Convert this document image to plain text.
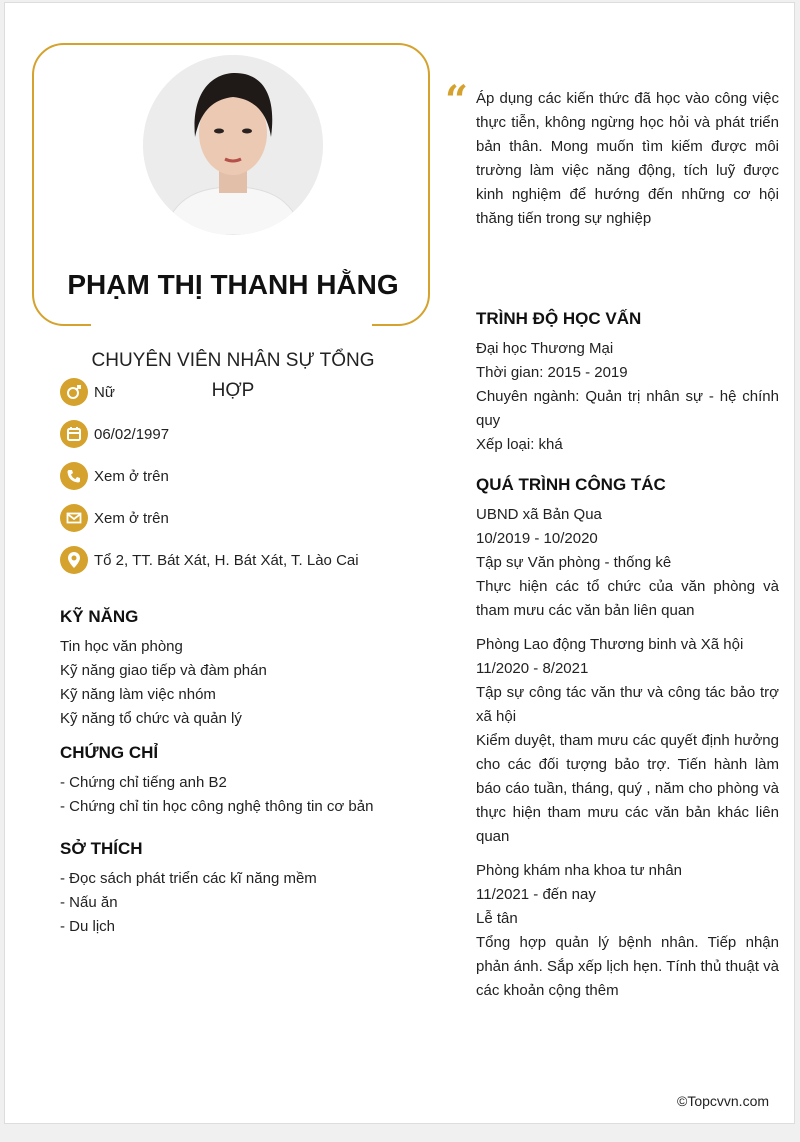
PHẠM THỊ THANH HẰNG
CHUYÊN VIÊN NHÂN SỰ TỔNG HỢP
Nữ
06/02/1997
Xem ở trên
Xem ở trên
Tổ 2, TT. Bát Xát, H. Bát Xát, T. Lào Cai
KỸ NĂNG
Tin học văn phòng
Kỹ năng giao tiếp và đàm phán
Kỹ năng làm việc nhóm
Kỹ năng tổ chức và quản lý
CHỨNG CHỈ
- Chứng chỉ tiếng anh B2
- Chứng chỉ tin học công nghệ thông tin cơ bản
SỞ THÍCH
- Đọc sách phát triển các kĩ năng mềm
- Nấu ăn
- Du lịch
“ Áp dụng các kiến thức đã học vào công việc thực tiễn, không ngừng học hỏi và phát triển bản thân. Mong muốn tìm kiếm được môi trường làm việc năng động, tích luỹ được kinh nghiệm để hướng đến những cơ hội thăng tiến trong sự nghiệp
TRÌNH ĐỘ HỌC VẤN
Đại học Thương Mại
Thời gian: 2015 - 2019
Chuyên ngành: Quản trị nhân sự - hệ chính quy
Xếp loại: khá
QUÁ TRÌNH CÔNG TÁC
UBND xã Bản Qua
10/2019 - 10/2020
Tập sự Văn phòng - thống kê
Thực hiện các tổ chức của văn phòng và tham mưu các văn bản liên quan
Phòng Lao động Thương binh và Xã hội
11/2020 - 8/2021
Tập sự công tác văn thư và công tác bảo trợ xã hội
Kiểm duyệt, tham mưu các quyết định hưởng cho các đối tượng bảo trợ. Tiến hành làm báo cáo tuần, tháng, quý , năm cho phòng và thực hiện tham mưu các văn bản khác liên quan
Phòng khám nha khoa tư nhân
11/2021 - đến nay
Lễ tân
Tổng hợp quản lý bệnh nhân. Tiếp nhận phản ánh. Sắp xếp lịch hẹn. Tính thủ thuật và các khoản cộng thêm
©Topcvvn.com
